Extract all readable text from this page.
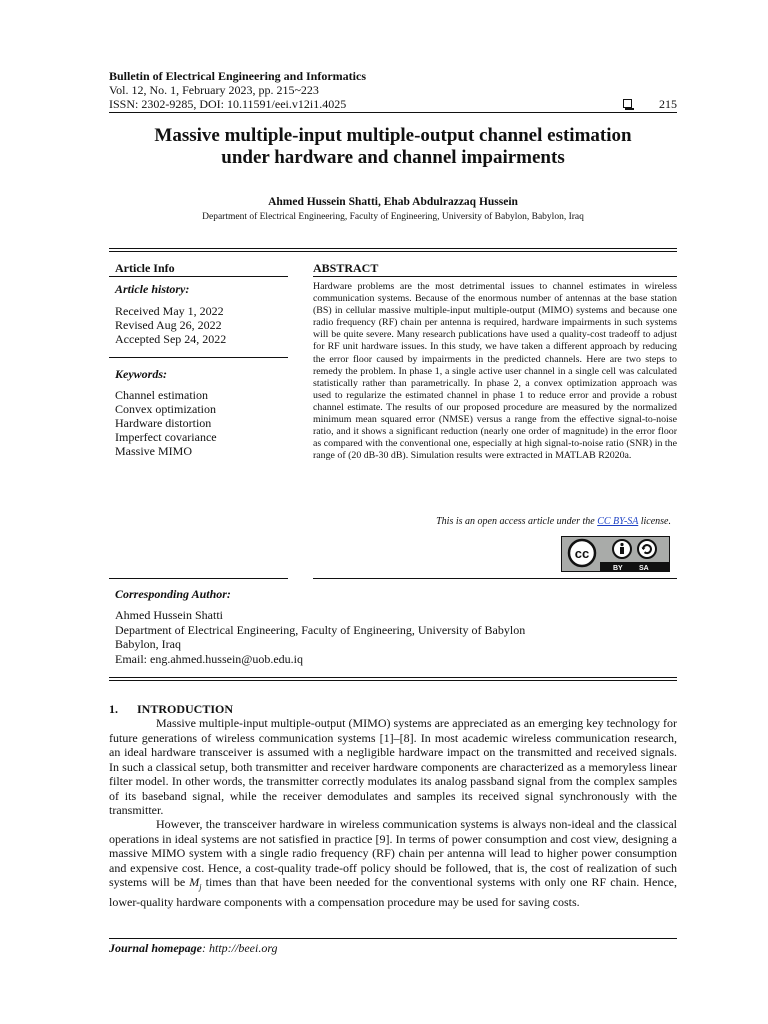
Bulletin of Electrical Engineering and Informatics
Vol. 12, No. 1, February 2023, pp. 215~223
ISSN: 2302-9285, DOI: 10.11591/eei.v12i1.4025	215
Massive multiple-input multiple-output channel estimation
under hardware and channel impairments
Ahmed Hussein Shatti, Ehab Abdulrazzaq Hussein
Department of Electrical Engineering, Faculty of Engineering, University of Babylon, Babylon, Iraq
Article Info	ABSTRACT
Article history:
Received May 1, 2022
Revised Aug 26, 2022
Accepted Sep 24, 2022
Keywords:
Channel estimation
Convex optimization
Hardware distortion
Imperfect covariance
Massive MIMO
Hardware problems are the most detrimental issues to channel estimates in wireless communication systems. Because of the enormous number of antennas at the base station (BS) in cellular massive multiple-input multiple-output (MIMO) systems and because one radio frequency (RF) chain per antenna is required, hardware impairments in such systems will be quite severe. Many research publications have used a quality-cost tradeoff to adjust for RF unit hardware issues. In this study, we have taken a different approach by reducing the error floor caused by impairments in the predicted channels. Here are two steps to remedy the problem. In phase 1, a single active user channel in a single cell was calculated statistically rather than parametrically. In phase 2, a convex optimization approach was used to regularize the estimated channel in phase 1 to reduce error and provide a robust channel estimate. The results of our proposed procedure are measured by the normalized minimum mean squared error (NMSE) versus a range from the effective signal-to-noise ratio, and it shows a significant reduction (nearly one order of magnitude) in the error floor as compared with the conventional one, especially at high signal-to-noise ratio (SNR) in the range of (20 dB-30 dB). Simulation results were extracted in MATLAB R2020a.
This is an open access article under the CC BY-SA license.
cc
BY SA
Corresponding Author:
Ahmed Hussein Shatti
Department of Electrical Engineering, Faculty of Engineering, University of Babylon
Babylon, Iraq
Email: eng.ahmed.hussein@uob.edu.iq
1. INTRODUCTION

Massive multiple-input multiple-output (MIMO) systems are appreciated as an emerging key technology for future generations of wireless communication systems [1]–[8]. In most academic wireless communication research, an ideal hardware transceiver is assumed with a negligible hardware impact on the transmitted and received signals. In such a classical setup, both transmitter and receiver hardware components are characterized as a memoryless linear filter model. In other words, the transmitter correctly modulates its analog passband signal from the complex samples of its baseband signal, while the receiver demodulates and samples its received signal synchronously with the transmitter.

However, the transceiver hardware in wireless communication systems is always non-ideal and the classical operations in ideal systems are not satisfied in practice [9]. In terms of power consumption and cost view, designing a massive MIMO system with a single radio frequency (RF) chain per antenna will lead to higher power consumption and expensive cost. Hence, a cost-quality trade-off policy should be followed, that is, the cost of realization of such systems will be $M_j$ times than that have been needed for the conventional systems with only one RF chain. Hence, lower-quality hardware components with a compensation procedure may be used for saving costs.

Journal homepage: http://beei.org
